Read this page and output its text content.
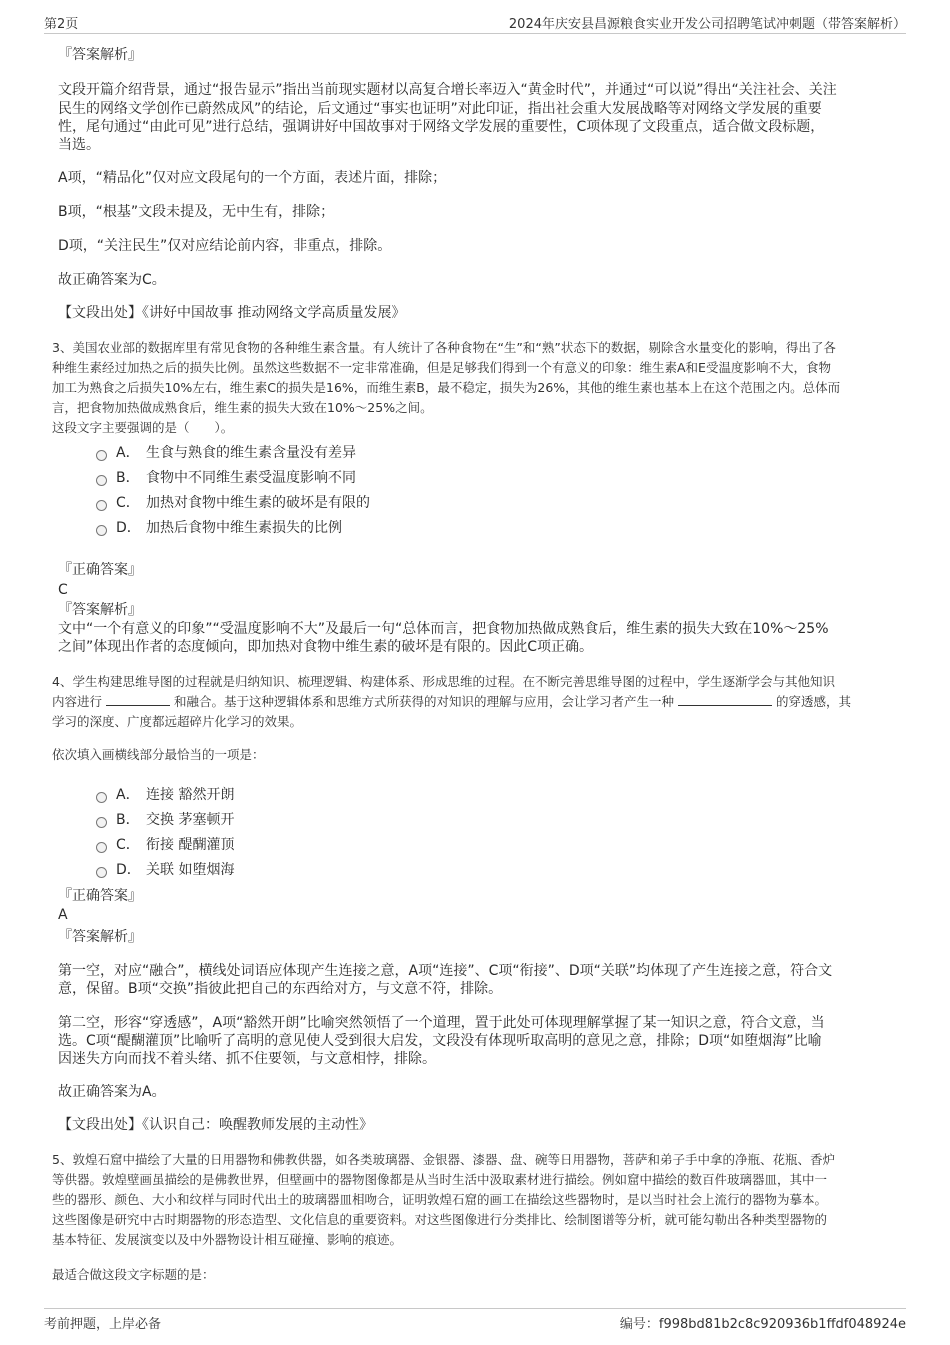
第2页	2024年庆安县昌源粮食实业开发公司招聘笔试冲刺题（带答案解析）
『答案解析』
文段开篇介绍背景，通过“报告显示”指出当前现实题材以高复合增长率迈入“黄金时代”，并通过“可以说”得出“关注社会、关注
民生的网络文学创作已蔚然成风”的结论，后文通过“事实也证明”对此印证，指出社会重大发展战略等对网络文学发展的重要
性，尾句通过“由此可见”进行总结，强调讲好中国故事对于网络文学发展的重要性，C项体现了文段重点，适合做文段标题，
当选。
A项，“精品化”仅对应文段尾句的一个方面，表述片面，排除；
B项，“根基”文段未提及，无中生有，排除；
D项，“关注民生”仅对应结论前内容，非重点，排除。
故正确答案为C。
【文段出处】《讲好中国故事 推动网络文学高质量发展》
3、美国农业部的数据库里有常见食物的各种维生素含量。有人统计了各种食物在“生”和“熟”状态下的数据，剔除含水量变化的影响，得出了各
种维生素经过加热之后的损失比例。虽然这些数据不一定非常准确，但是足够我们得到一个有意义的印象：维生素A和E受温度影响不大，食物
加工为熟食之后损失10%左右，维生素C的损失是16%，而维生素B，最不稳定，损失为26%，其他的维生素也基本上在这个范围之内。总体而
言，把食物加热做成熟食后，维生素的损失大致在10%～25%之间。
这段文字主要强调的是（　　）。
A． 生食与熟食的维生素含量没有差异
B． 食物中不同维生素受温度影响不同
C． 加热对食物中维生素的破坏是有限的
D． 加热后食物中维生素损失的比例
『正确答案』
C
『答案解析』
文中“一个有意义的印象”“受温度影响不大”及最后一句“总体而言，把食物加热做成熟食后，维生素的损失大致在10%～25%
之间”体现出作者的态度倾向，即加热对食物中维生素的破坏是有限的。因此C项正确。
4、学生构建思维导图的过程就是归纳知识、梳理逻辑、构建体系、形成思维的过程。在不断完善思维导图的过程中，学生逐渐学会与其他知识
内容进行	和融合。基于这种逻辑体系和思维方式所获得的对知识的理解与应用，会让学习者产生一种	的穿透感，其
学习的深度、广度都远超碎片化学习的效果。
依次填入画横线部分最恰当的一项是：
A． 连接 豁然开朗
B． 交换 茅塞顿开
C． 衔接 醍醐灌顶
D． 关联 如堕烟海
『正确答案』
A
『答案解析』
第一空，对应“融合”，横线处词语应体现产生连接之意，A项“连接”、C项“衔接”、D项“关联”均体现了产生连接之意，符合文
意，保留。B项“交换”指彼此把自己的东西给对方，与文意不符，排除。
第二空，形容“穿透感”，A项“豁然开朗”比喻突然领悟了一个道理，置于此处可体现理解掌握了某一知识之意，符合文意，当
选。C项“醍醐灌顶”比喻听了高明的意见使人受到很大启发，文段没有体现听取高明的意见之意，排除；D项“如堕烟海”比喻
因迷失方向而找不着头绪、抓不住要领，与文意相悖，排除。
故正确答案为A。
【文段出处】《认识自己：唤醒教师发展的主动性》
5、敦煌石窟中描绘了大量的日用器物和佛教供器，如各类玻璃器、金银器、漆器、盘、碗等日用器物，菩萨和弟子手中拿的净瓶、花瓶、香炉
等供器。敦煌壁画虽描绘的是佛教世界，但壁画中的器物图像都是从当时生活中汲取素材进行描绘。例如窟中描绘的数百件玻璃器皿，其中一
些的器形、颜色、大小和纹样与同时代出土的玻璃器皿相吻合，证明敦煌石窟的画工在描绘这些器物时，是以当时社会上流行的器物为摹本。
这些图像是研究中古时期器物的形态造型、文化信息的重要资料。对这些图像进行分类排比、绘制图谱等分析，就可能勾勒出各种类型器物的
基本特征、发展演变以及中外器物设计相互碰撞、影响的痕迹。
最适合做这段文字标题的是：
考前押题，上岸必备	编号：f998bd81b2c8c920936b1ffdf048924e
